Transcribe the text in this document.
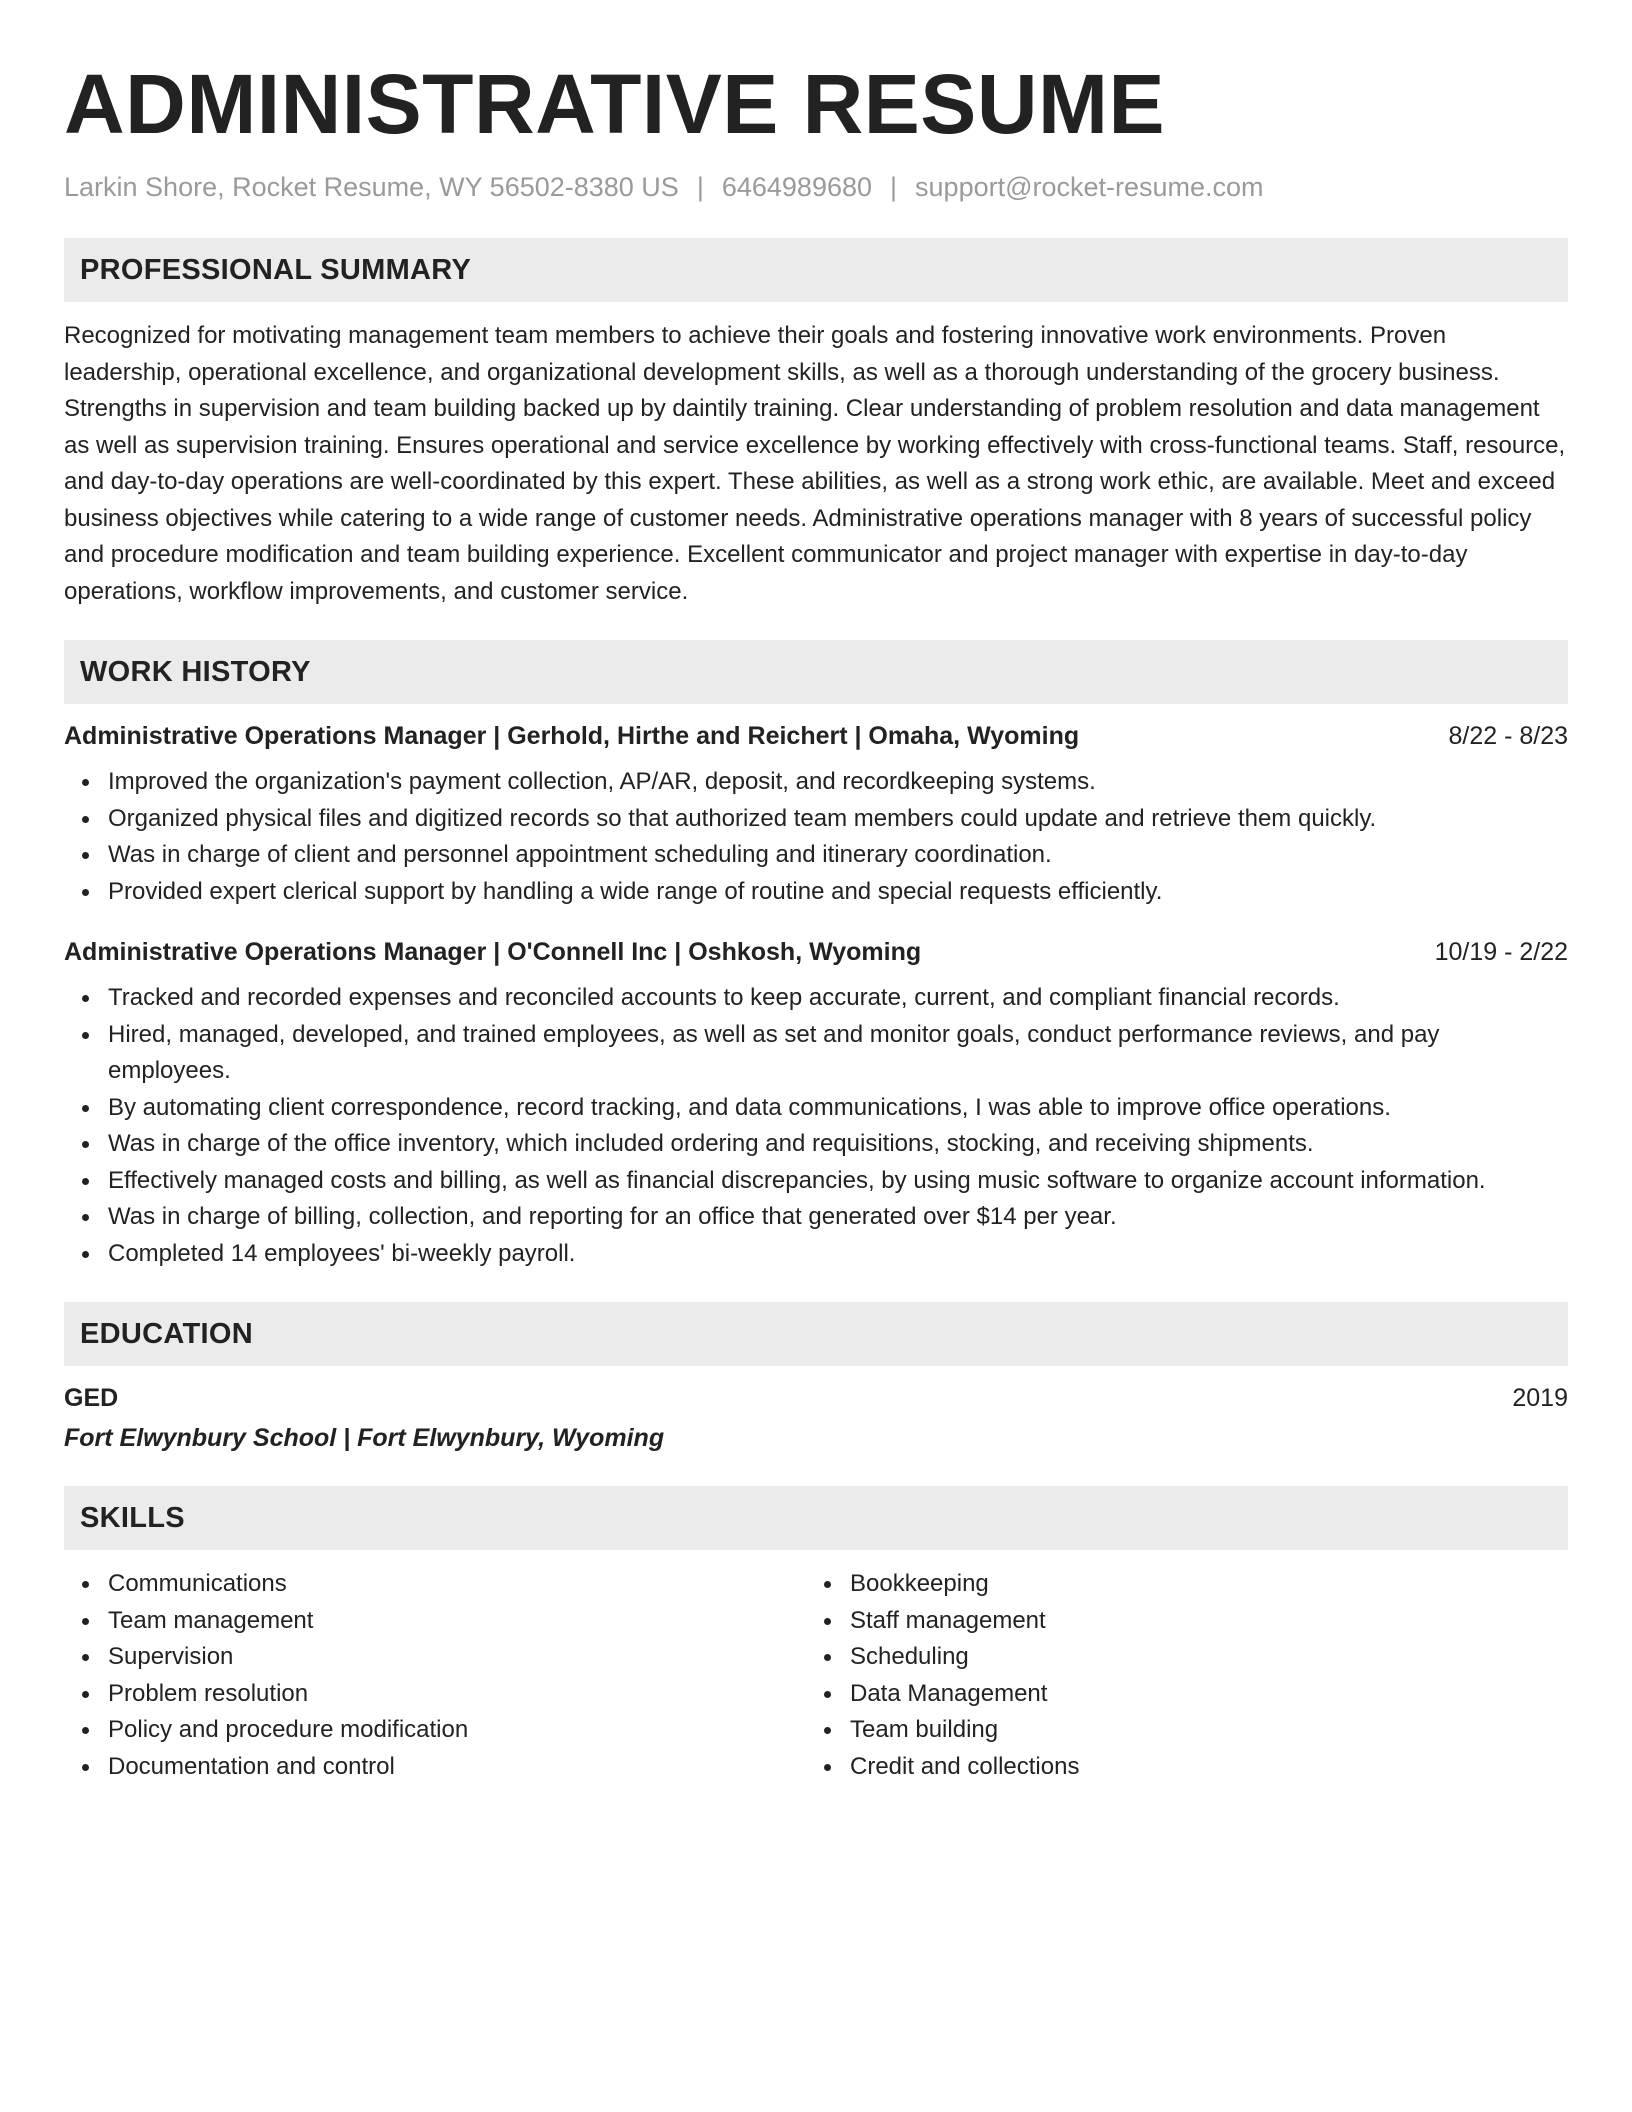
ADMINISTRATIVE RESUME
Larkin Shore, Rocket Resume, WY 56502-8380 US | 6464989680 | support@rocket-resume.com
PROFESSIONAL SUMMARY

Recognized for motivating management team members to achieve their goals and fostering innovative work environments. Proven leadership, operational excellence, and organizational development skills, as well as a thorough understanding of the grocery business. Strengths in supervision and team building backed up by daintily training. Clear understanding of problem resolution and data management as well as supervision training. Ensures operational and service excellence by working effectively with cross-functional teams. Staff, resource, and day-to-day operations are well-coordinated by this expert. These abilities, as well as a strong work ethic, are available. Meet and exceed business objectives while catering to a wide range of customer needs. Administrative operations manager with 8 years of successful policy and procedure modification and team building experience. Excellent communicator and project manager with expertise in day-to-day operations, workflow improvements, and customer service.

WORK HISTORY
Administrative Operations Manager | Gerhold, Hirthe and Reichert | Omaha, Wyoming	8/22 - 8/23
Improved the organization's payment collection, AP/AR, deposit, and recordkeeping systems.
Organized physical files and digitized records so that authorized team members could update and retrieve them quickly.
Was in charge of client and personnel appointment scheduling and itinerary coordination.
Provided expert clerical support by handling a wide range of routine and special requests efficiently.
Administrative Operations Manager | O'Connell Inc | Oshkosh, Wyoming	10/19 - 2/22
Tracked and recorded expenses and reconciled accounts to keep accurate, current, and compliant financial records.
Hired, managed, developed, and trained employees, as well as set and monitor goals, conduct performance reviews, and pay employees.
By automating client correspondence, record tracking, and data communications, I was able to improve office operations.
Was in charge of the office inventory, which included ordering and requisitions, stocking, and receiving shipments.
Effectively managed costs and billing, as well as financial discrepancies, by using music software to organize account information.
Was in charge of billing, collection, and reporting for an office that generated over $14 per year.
Completed 14 employees' bi-weekly payroll.
EDUCATION
GED	2019
Fort Elwynbury School | Fort Elwynbury, Wyoming
SKILLS
Communications
Team management
Supervision
Problem resolution
Policy and procedure modification
Documentation and control
Bookkeeping
Staff management
Scheduling
Data Management
Team building
Credit and collections
